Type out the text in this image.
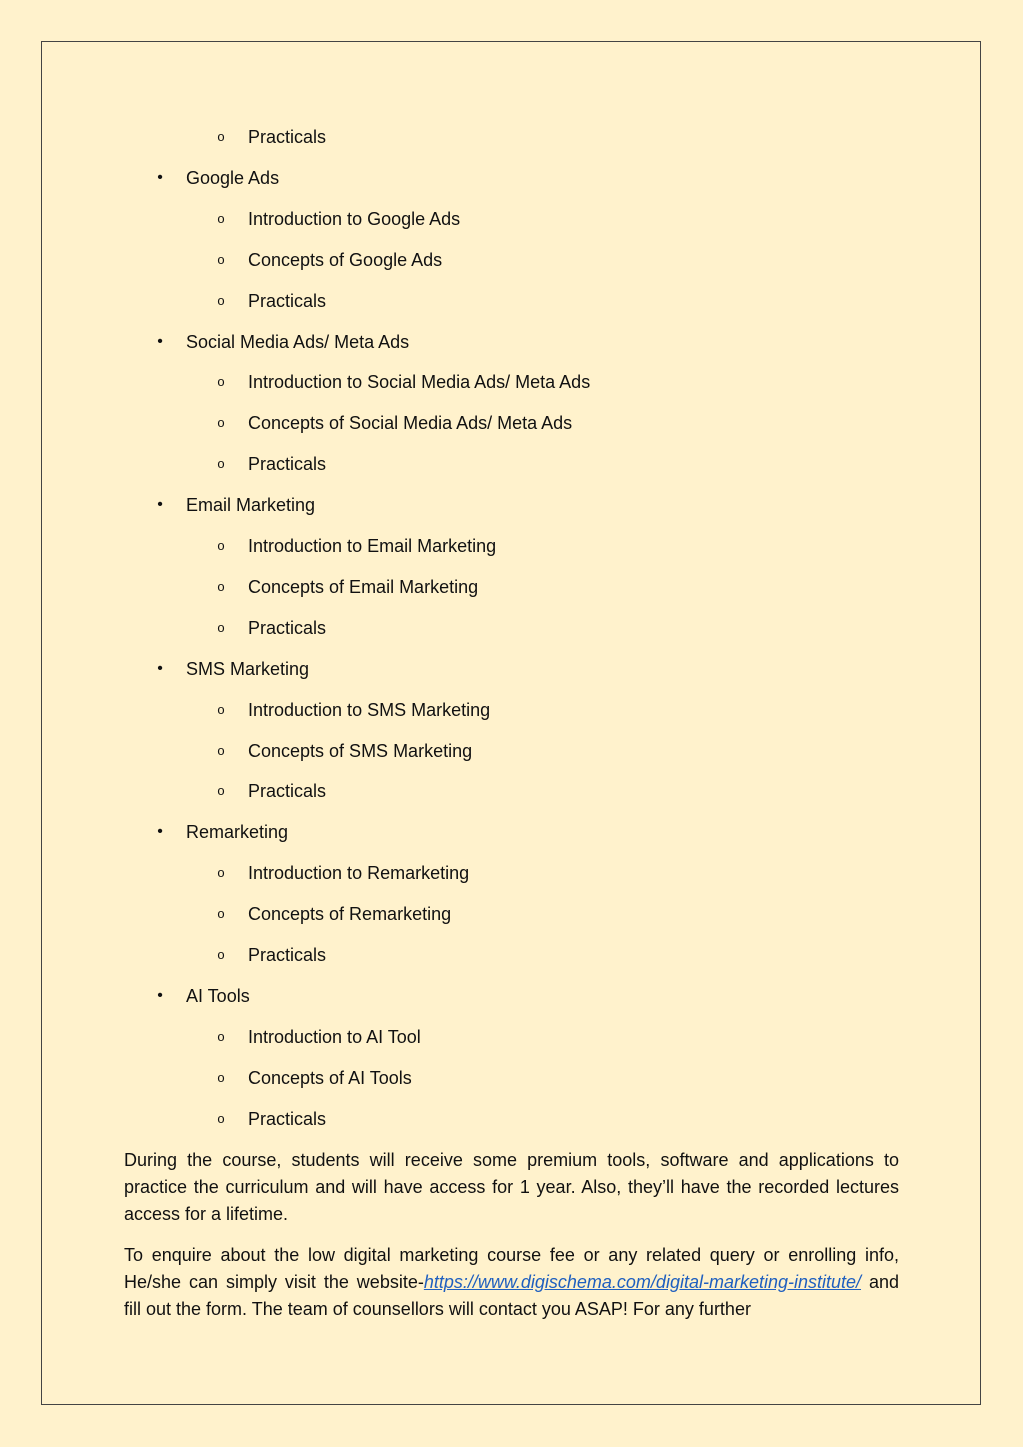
o Practicals
• Google Ads
o Introduction to Google Ads
o Concepts of Google Ads
o Practicals
• Social Media Ads/ Meta Ads
o Introduction to Social Media Ads/ Meta Ads
o Concepts of Social Media Ads/ Meta Ads
o Practicals
• Email Marketing
o Introduction to Email Marketing
o Concepts of Email Marketing
o Practicals
• SMS Marketing
o Introduction to SMS Marketing
o Concepts of SMS Marketing
o Practicals
• Remarketing
o Introduction to Remarketing
o Concepts of Remarketing
o Practicals
• AI Tools
o Introduction to AI Tool
o Concepts of AI Tools
o Practicals
During the course, students will receive some premium tools, software and applications to practice the curriculum and will have access for 1 year. Also, they’ll have the recorded lectures access for a lifetime.
To enquire about the low digital marketing course fee or any related query or enrolling info, He/she can simply visit the website-https://www.digischema.com/digital-marketing-institute/ and fill out the form. The team of counsellors will contact you ASAP! For any further
